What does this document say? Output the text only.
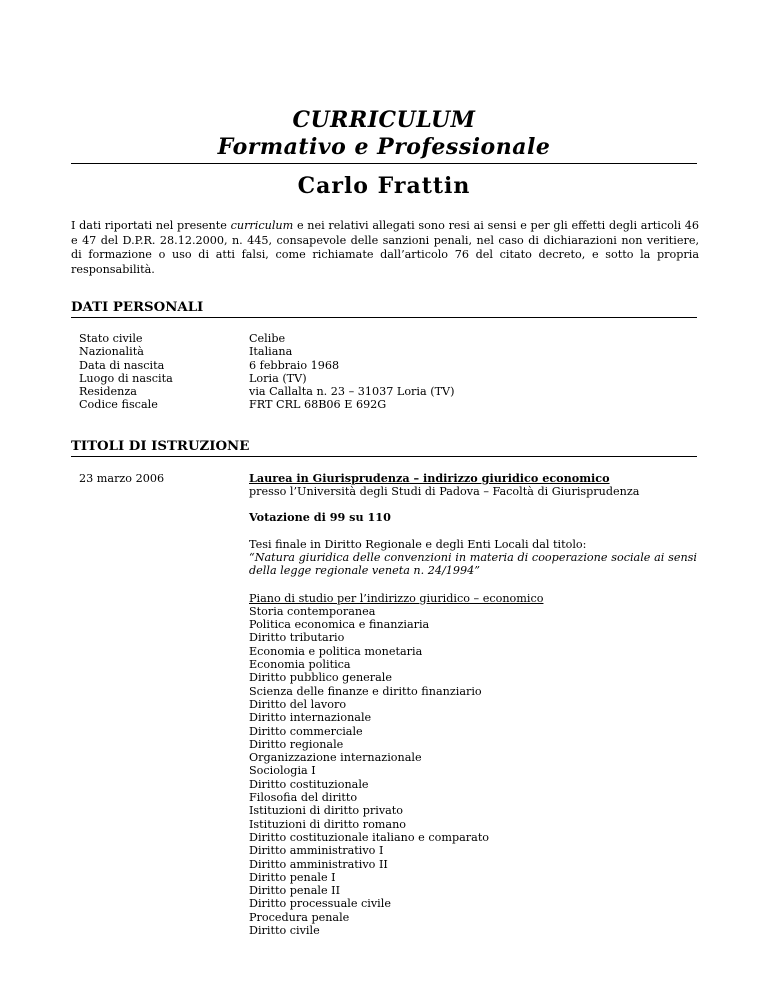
CURRICULUM
Formativo e Professionale
Carlo Frattin

I dati riportati nel presente curriculum e nei relativi allegati sono resi ai sensi e per gli effetti degli articoli 46 e 47 del D.P.R. 28.12.2000, n. 445, consapevole delle sanzioni penali, nel caso di dichiarazioni non veritiere, di formazione o uso di atti falsi, come richiamate dall’articolo 76 del citato decreto, e sotto la propria responsabilità.

DATI PERSONALI
Stato civile
Nazionalità
Data di nascita
Luogo di nascita
Residenza
Codice fiscale
Celibe
Italiana
6 febbraio 1968
Loria (TV)
via Callalta n. 23 – 31037 Loria (TV)
FRT CRL 68B06 E 692G
TITOLI DI ISTRUZIONE
23 marzo 2006	Laurea in Giurisprudenza – indirizzo giuridico economico
presso l’Università degli Studi di Padova – Facoltà di Giurisprudenza
Votazione di 99 su 110
Tesi finale in Diritto Regionale e degli Enti Locali dal titolo:
“Natura giuridica delle convenzioni in materia di cooperazione sociale ai sensi della legge regionale veneta n. 24/1994”
Piano di studio per l’indirizzo giuridico – economico
Storia contemporanea
Politica economica e finanziaria
Diritto tributario
Economia e politica monetaria
Economia politica
Diritto pubblico generale
Scienza delle finanze e diritto finanziario
Diritto del lavoro
Diritto internazionale
Diritto commerciale
Diritto regionale
Organizzazione internazionale
Sociologia I
Diritto costituzionale
Filosofia del diritto
Istituzioni di diritto privato
Istituzioni di diritto romano
Diritto costituzionale italiano e comparato
Diritto amministrativo I
Diritto amministrativo II
Diritto penale I
Diritto penale II
Diritto processuale civile
Procedura penale
Diritto civile
